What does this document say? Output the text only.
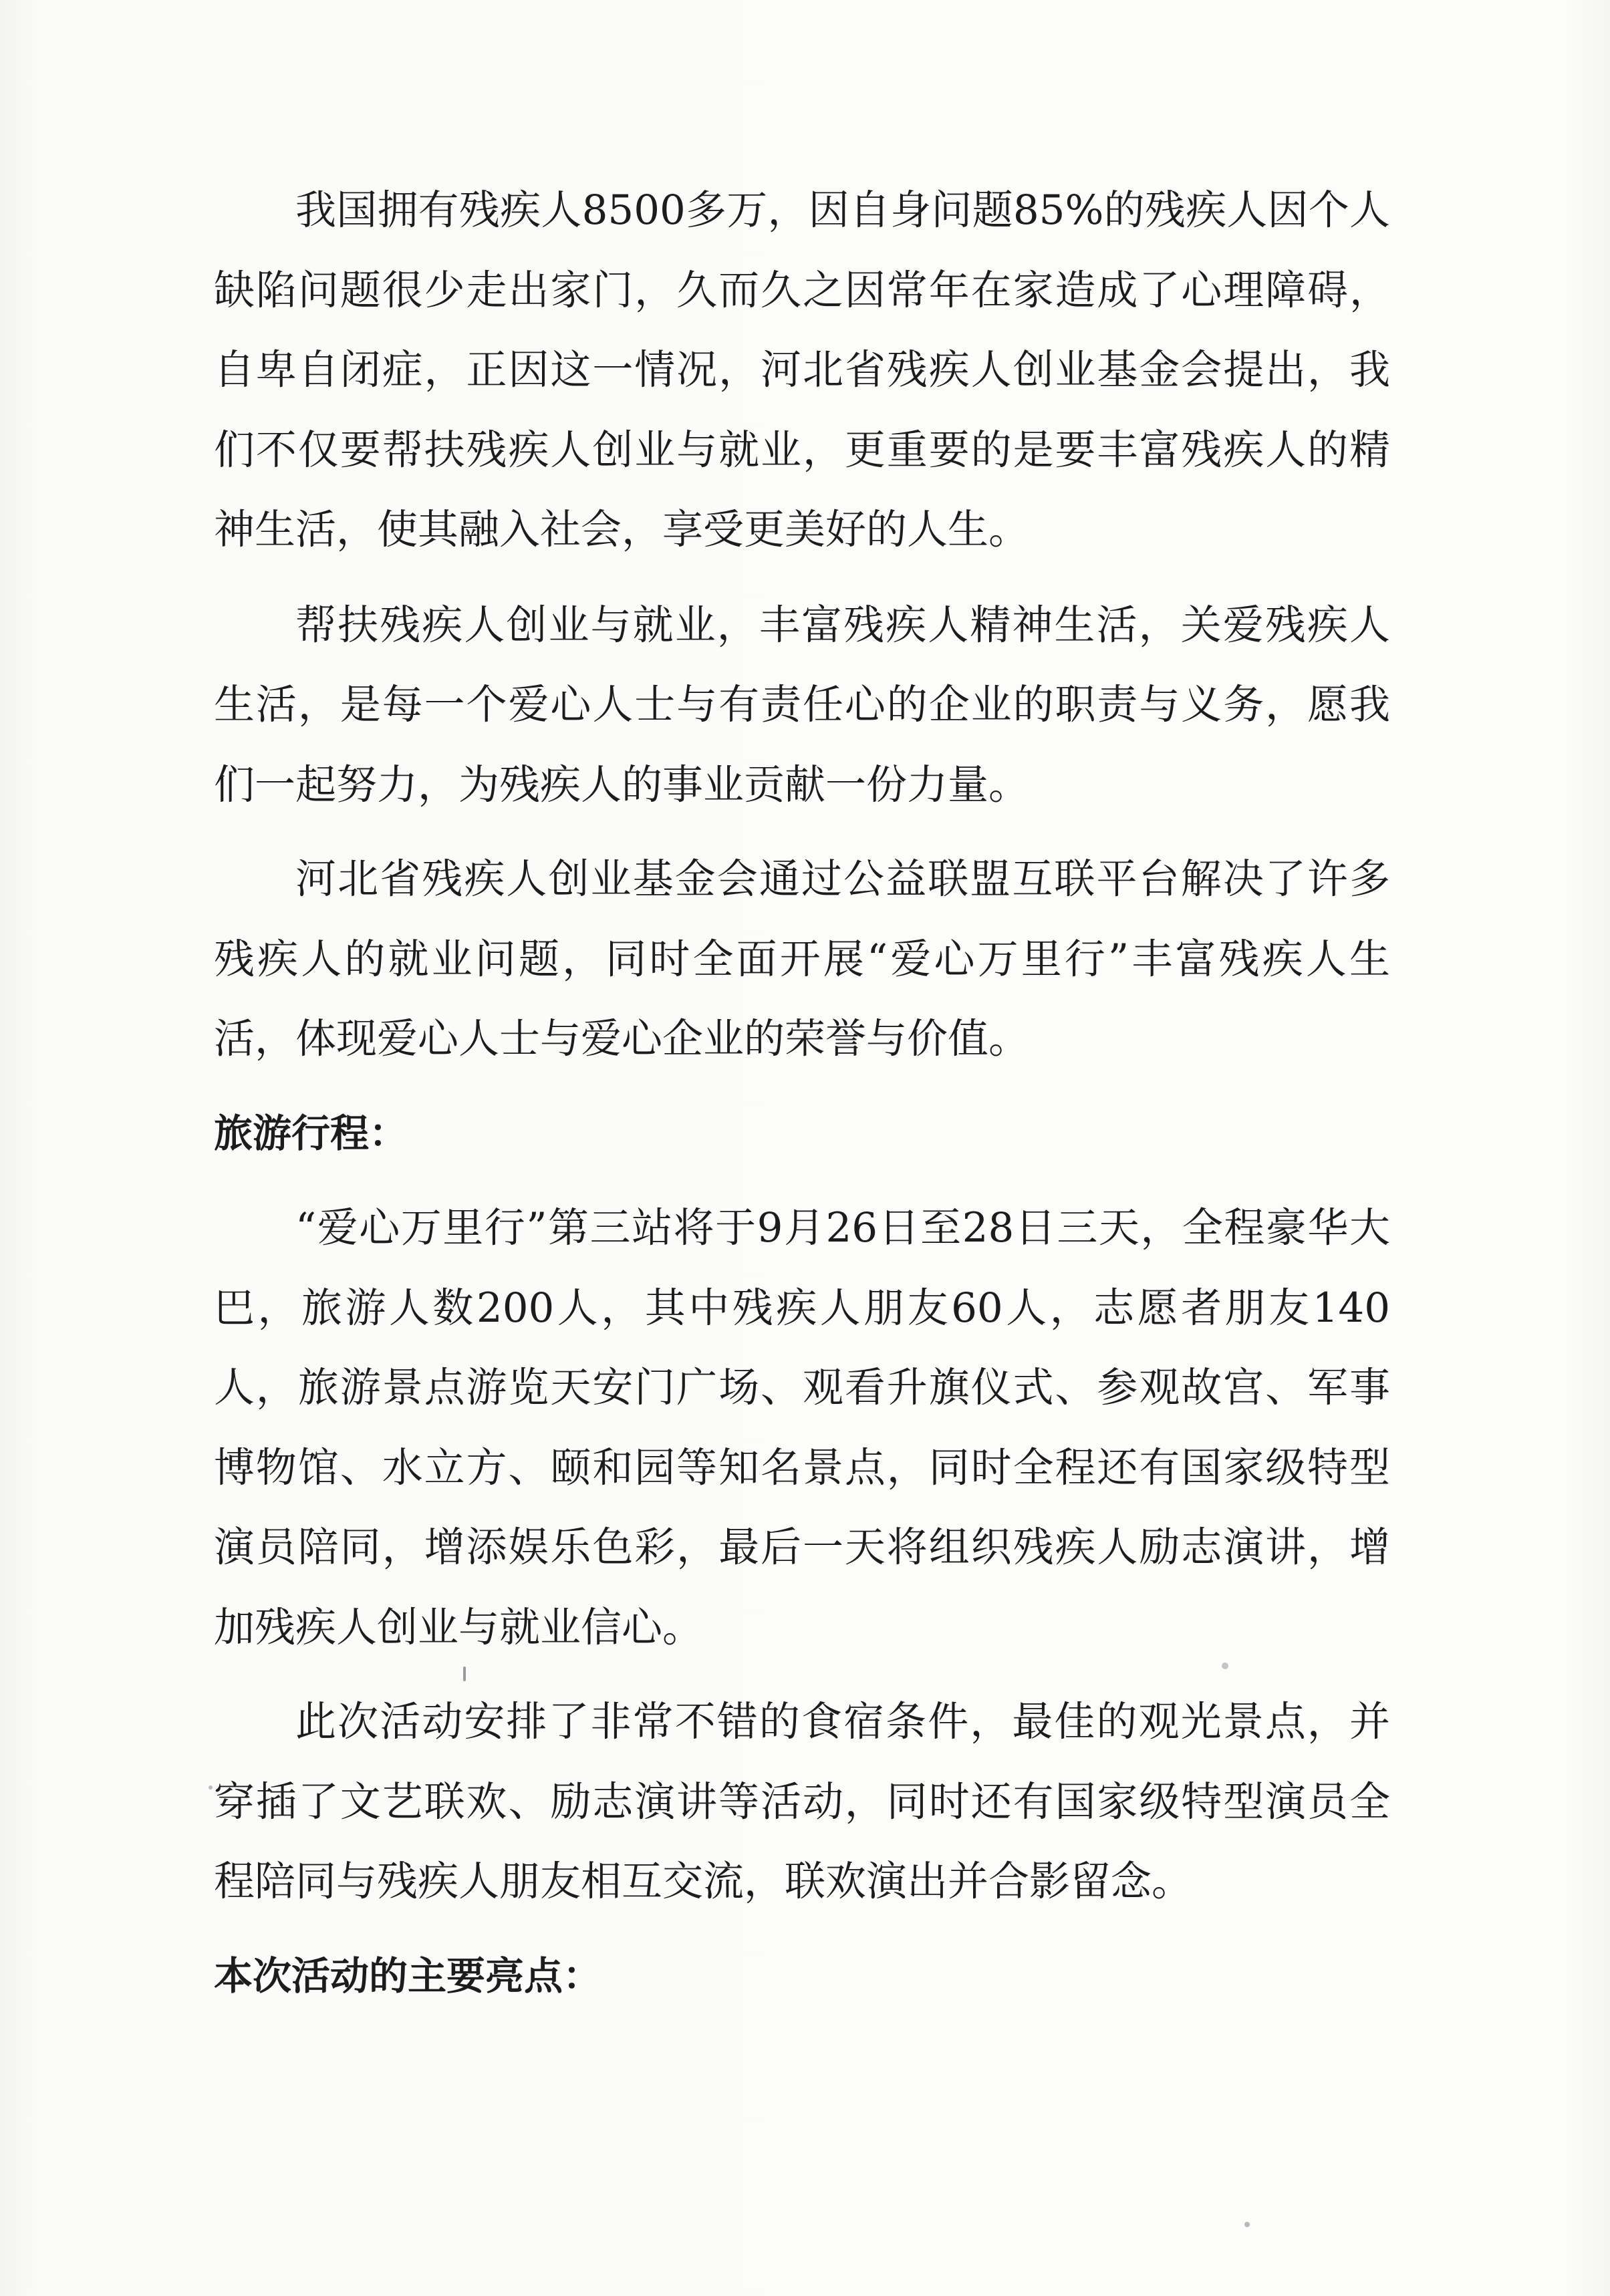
我国拥有残疾人8500多万，因自身问题85%的残疾人因个人缺陷问题很少走出家门，久而久之因常年在家造成了心理障碍，自卑自闭症，正因这一情况，河北省残疾人创业基金会提出，我们不仅要帮扶残疾人创业与就业，更重要的是要丰富残疾人的精神生活，使其融入社会，享受更美好的人生。

帮扶残疾人创业与就业，丰富残疾人精神生活，关爱残疾人生活，是每一个爱心人士与有责任心的企业的职责与义务，愿我们一起努力，为残疾人的事业贡献一份力量。

河北省残疾人创业基金会通过公益联盟互联平台解决了许多残疾人的就业问题，同时全面开展“爱心万里行”丰富残疾人生活，体现爱心人士与爱心企业的荣誉与价值。

旅游行程：

“爱心万里行”第三站将于9月26日至28日三天，全程豪华大巴，旅游人数200人，其中残疾人朋友60人，志愿者朋友140人，旅游景点游览天安门广场、观看升旗仪式、参观故宫、军事博物馆、水立方、颐和园等知名景点，同时全程还有国家级特型演员陪同，增添娱乐色彩，最后一天将组织残疾人励志演讲，增加残疾人创业与就业信心。

此次活动安排了非常不错的食宿条件，最佳的观光景点，并穿插了文艺联欢、励志演讲等活动，同时还有国家级特型演员全程陪同与残疾人朋友相互交流，联欢演出并合影留念。

本次活动的主要亮点：
